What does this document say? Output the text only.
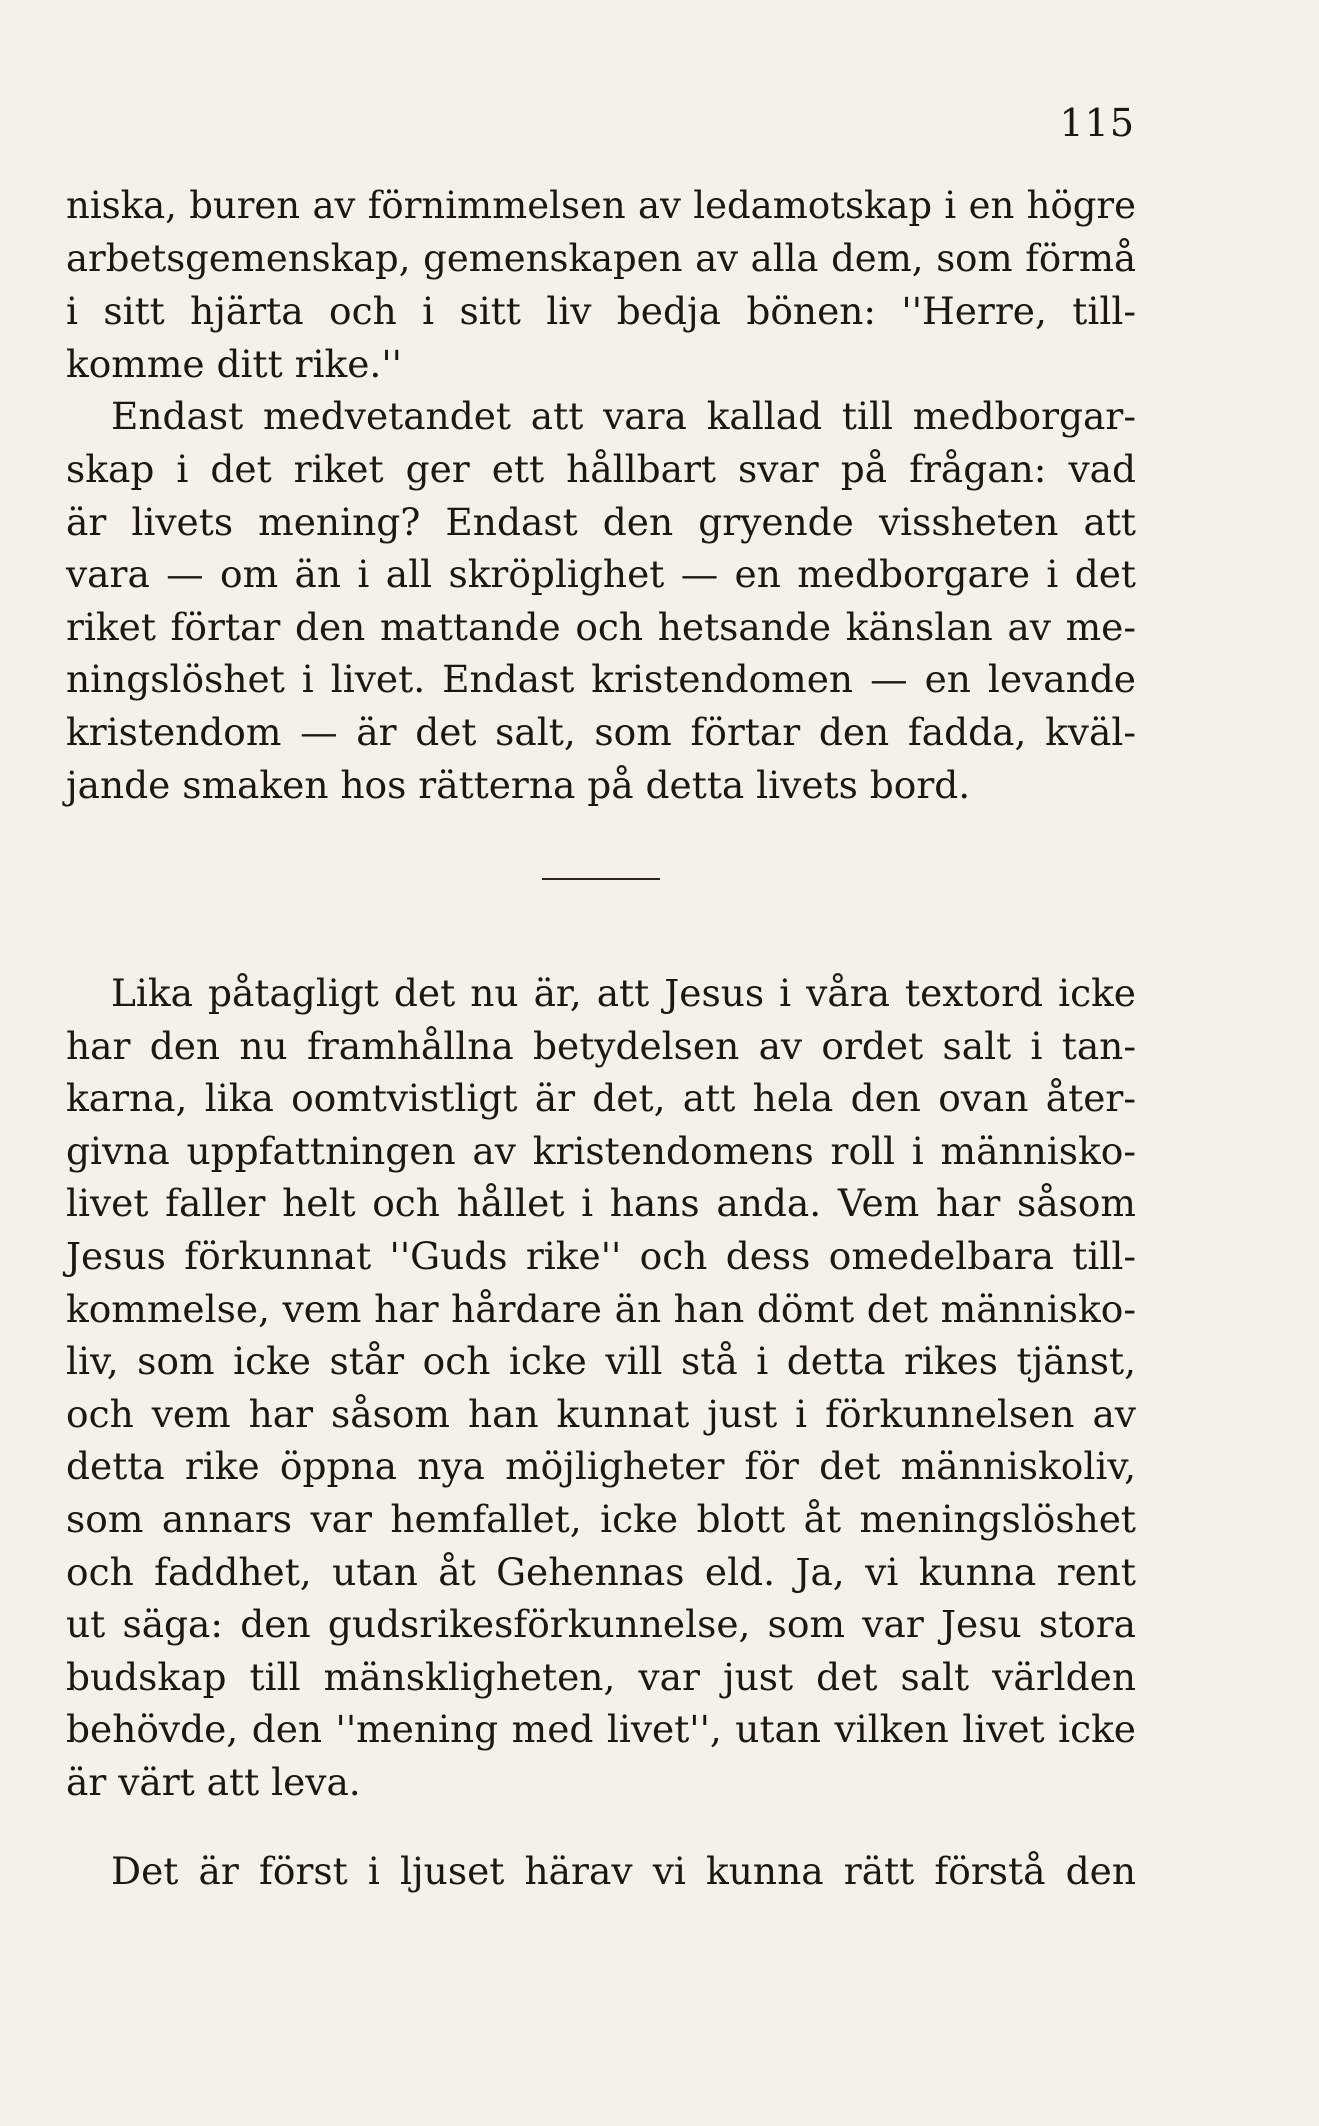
115
niska, buren av förnimmelsen av ledamotskap i en högre
arbetsgemenskap, gemenskapen av alla dem, som förmå
i sitt hjärta och i sitt liv bedja bönen: ''Herre, till-
komme ditt rike.''
Endast medvetandet att vara kallad till medborgar-
skap i det riket ger ett hållbart svar på frågan: vad
är livets mening? Endast den gryende vissheten att
vara — om än i all skröplighet — en medborgare i det
riket förtar den mattande och hetsande känslan av me-
ningslöshet i livet. Endast kristendomen — en levande
kristendom — är det salt, som förtar den fadda, kväl-
jande smaken hos rätterna på detta livets bord.
Lika påtagligt det nu är, att Jesus i våra textord icke
har den nu framhållna betydelsen av ordet salt i tan-
karna, lika oomtvistligt är det, att hela den ovan åter-
givna uppfattningen av kristendomens roll i människo-
livet faller helt och hållet i hans anda. Vem har såsom
Jesus förkunnat ''Guds rike'' och dess omedelbara till-
kommelse, vem har hårdare än han dömt det människo-
liv, som icke står och icke vill stå i detta rikes tjänst,
och vem har såsom han kunnat just i förkunnelsen av
detta rike öppna nya möjligheter för det människoliv,
som annars var hemfallet, icke blott åt meningslöshet
och faddhet, utan åt Gehennas eld. Ja, vi kunna rent
ut säga: den gudsrikesförkunnelse, som var Jesu stora
budskap till mänskligheten, var just det salt världen
behövde, den ''mening med livet'', utan vilken livet icke
är värt att leva.
Det är först i ljuset härav vi kunna rätt förstå den
